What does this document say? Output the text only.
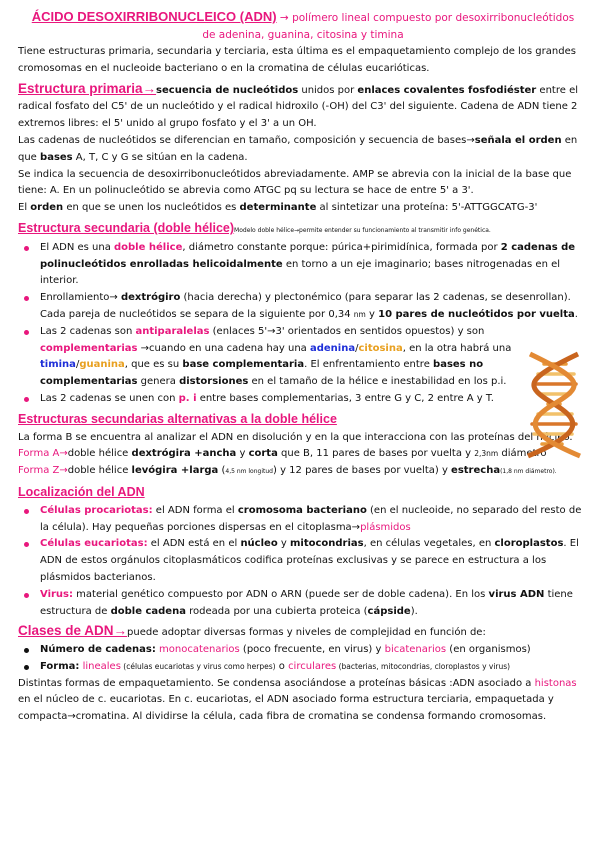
ÁCIDO DESOXIRRIBONUCLEICO (ADN) → polímero lineal compuesto por desoxirribonucleótidos

de adenina, guanina, citosina y timina

Tiene estructuras primaria, secundaria y terciaria, esta última es el empaquetamiento complejo de los grandes cromosomas en el nucleoide bacteriano o en la cromatina de células eucarióticas.

Estructura primaria→secuencia de nucleótidos unidos por enlaces covalentes fosfodiéster entre el radical fosfato del C5' de un nucleótido y el radical hidroxilo (-OH) del C3' del siguiente. Cadena de ADN tiene 2 extremos libres: el 5' unido al grupo fosfato y el 3' a un OH.

Las cadenas de nucleótidos se diferencian en tamaño, composición y secuencia de bases→señala el orden en que bases A, T, C y G se sitúan en la cadena.

Se indica la secuencia de desoxirribonucleótidos abreviadamente. AMP se abrevia con la inicial de la base que tiene: A. En un polinucleótido se abrevia como ATGC pq su lectura se hace de entre 5' a 3'.

El orden en que se unen los nucleótidos es determinante al sintetizar una proteína: 5'-ATTGGCATG-3'

Estructura secundaria (doble hélice)Modelo doble hélice→permite entender su funcionamiento al transmitir info genética.

El ADN es una doble hélice, diámetro constante porque: púrica+pirimidínica, formada por 2 cadenas de polinucleótidos enrolladas helicoidalmente en torno a un eje imaginario; bases nitrogenadas en el interior.
Enrollamiento→ dextrógiro (hacia derecha) y plectonémico (para separar las 2 cadenas, se desenrollan). Cada pareja de nucleótidos se separa de la siguiente por 0,34 nm y 10 pares de nucleótidos por vuelta.
Las 2 cadenas son antiparalelas (enlaces 5'→3' orientados en sentidos opuestos) y son complementarias →cuando en una cadena hay una adenina/citosina, en la otra habrá una timina/guanina, que es su base complementaria. El enfrentamiento entre bases no complementarias genera distorsiones en el tamaño de la hélice e inestabilidad en los p.i.
Las 2 cadenas se unen con p. i entre bases complementarias, 3 entre G y C, 2 entre A y T.

Estructuras secundarias alternativas a la doble hélice

La forma B se encuentra al analizar el ADN en disolución y en la que interacciona con las proteínas del núcleo.

Forma A→doble hélice dextrógira +ancha y corta que B, 11 pares de bases por vuelta y 2,3nm diámetro

Forma Z→doble hélice levógira +larga (4,5 nm longitud) y 12 pares de bases por vuelta) y estrecha(1,8 nm diámetro).

Localización del ADN

Células procariotas: el ADN forma el cromosoma bacteriano (en el nucleoide, no separado del resto de la célula). Hay pequeñas porciones dispersas en el citoplasma→plásmidos
Células eucariotas: el ADN está en el núcleo y mitocondrias, en células vegetales, en cloroplastos. El ADN de estos orgánulos citoplasmáticos codifica proteínas exclusivas y se parece en estructura a los plásmidos bacterianos.
Virus: material genético compuesto por ADN o ARN (puede ser de doble cadena). En los virus ADN tiene estructura de doble cadena rodeada por una cubierta proteica (cápside).

Clases de ADN→puede adoptar diversas formas y niveles de complejidad en función de:

Número de cadenas: monocatenarios (poco frecuente, en virus) y bicatenarios (en organismos)
Forma: lineales (células eucariotas y virus como herpes) o circulares (bacterias, mitocondrias, cloroplastos y virus)

Distintas formas de empaquetamiento. Se condensa asociándose a proteínas básicas :ADN asociado a histonas en el núcleo de c. eucariotas. En c. eucariotas, el ADN asociado forma estructura terciaria, empaquetada y compacta→cromatina. Al dividirse la célula, cada fibra de cromatina se condensa formando cromosomas.
